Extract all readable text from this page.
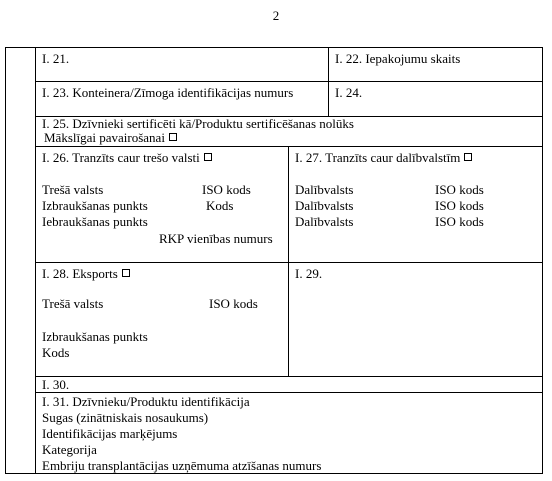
2
I. 21.	I. 22. Iepakojumu skaits
I. 23. Konteinera/Zīmoga identifikācijas numurs	I. 24.
I. 25. Dzīvnieki sertificēti kā/Produktu sertificēšanas nolūks
Mākslīgai pavairošanai
I. 26. Tranzīts caur trešo valsti
Trešā valsts	ISO kods
Izbraukšanas punkts	Kods
Iebraukšanas punkts
RKP vienības numurs
I. 27. Tranzīts caur dalībvalstīm
Dalībvalsts	ISO kods
Dalībvalsts	ISO kods
Dalībvalsts	ISO kods
I. 28. Eksports
Trešā valsts	ISO kods
Izbraukšanas punkts
Kods
I. 29.
I. 30.
I. 31. Dzīvnieku/Produktu identifikācija
Sugas (zinātniskais nosaukums)
Identifikācijas marķējums
Kategorija
Embriju transplantācijas uzņēmuma atzīšanas numurs
